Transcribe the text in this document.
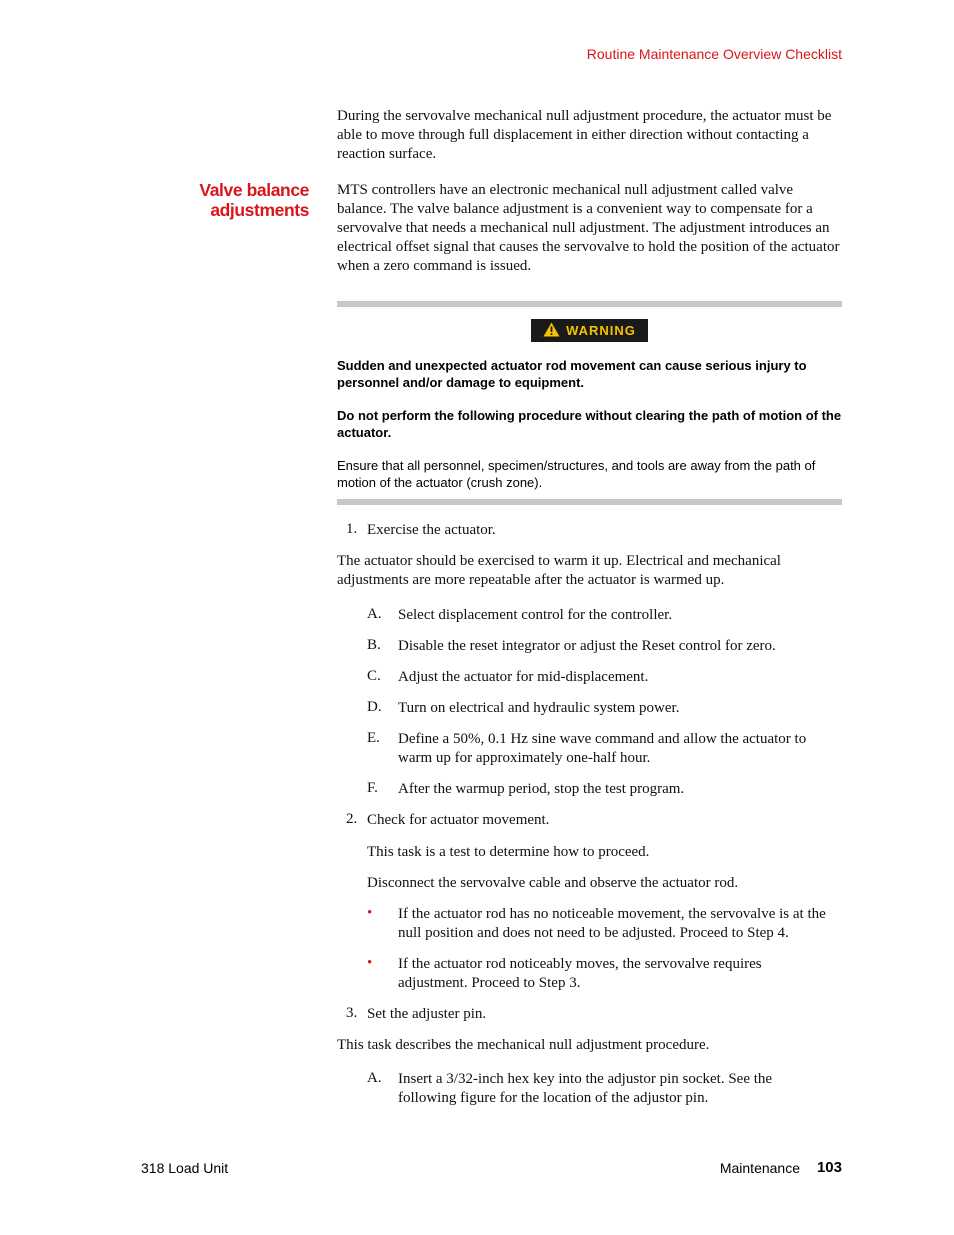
Routine Maintenance Overview Checklist
During the servovalve mechanical null adjustment procedure, the actuator must be able to move through full displacement in either direction without contacting a reaction surface.
Valve balance
adjustments
MTS controllers have an electronic mechanical null adjustment called valve balance. The valve balance adjustment is a convenient way to compensate for a servovalve that needs a mechanical null adjustment. The adjustment introduces an electrical offset signal that causes the servovalve to hold the position of the actuator when a zero command is issued.
WARNING
Sudden and unexpected actuator rod movement can cause serious injury to personnel and/or damage to equipment.
Do not perform the following procedure without clearing the path of motion of the actuator.
Ensure that all personnel, specimen/structures, and tools are away from the path of motion of the actuator (crush zone).
1. Exercise the actuator.
The actuator should be exercised to warm it up. Electrical and mechanical adjustments are more repeatable after the actuator is warmed up.
A. Select displacement control for the controller.
B. Disable the reset integrator or adjust the Reset control for zero.
C. Adjust the actuator for mid-displacement.
D. Turn on electrical and hydraulic system power.
E. Define a 50%, 0.1 Hz sine wave command and allow the actuator to warm up for approximately one-half hour.
F. After the warmup period, stop the test program.
2. Check for actuator movement.
This task is a test to determine how to proceed.
Disconnect the servovalve cable and observe the actuator rod.
• If the actuator rod has no noticeable movement, the servovalve is at the null position and does not need to be adjusted. Proceed to Step 4.
• If the actuator rod noticeably moves, the servovalve requires adjustment. Proceed to Step 3.
3. Set the adjuster pin.
This task describes the mechanical null adjustment procedure.
A. Insert a 3/32-inch hex key into the adjustor pin socket. See the following figure for the location of the adjustor pin.
318 Load Unit	Maintenance	103
